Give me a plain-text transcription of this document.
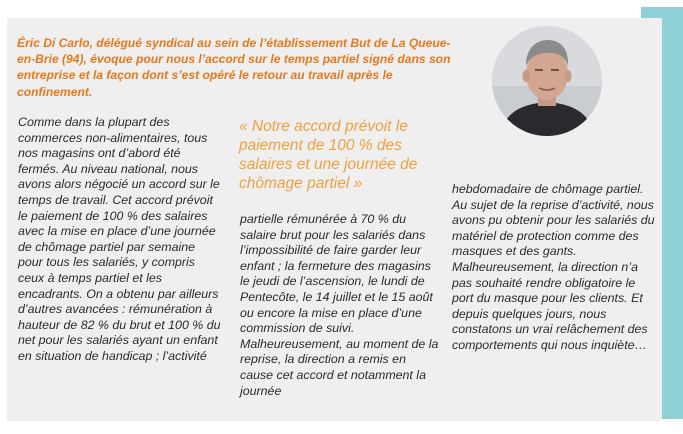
Éric Di Carlo, délégué syndical au sein de l’établissement But de La Queue-en-Brie (94), évoque pour nous l’accord sur le temps partiel signé dans son entreprise et la façon dont s’est opéré le retour au travail après le confinement.

Comme dans la plupart des commerces non-alimentaires, tous nos magasins ont d’abord été fermés. Au niveau national, nous avons alors négocié un accord sur le temps de travail. Cet accord prévoit le paiement de 100 % des salaires avec la mise en place d’une journée de chômage partiel par semaine pour tous les salariés, y compris ceux à temps partiel et les encadrants. On a obtenu par ailleurs d’autres avancées : rémunération à hauteur de 82 % du brut et 100 % du net pour les salariés ayant un enfant en situation de handicap ; l’activité

« Notre accord prévoit le paiement de 100 % des salaires et une journée de chômage partiel »

partielle rémunérée à 70 % du salaire brut pour les salariés dans l’impossibilité de faire garder leur enfant ; la fermeture des magasins le jeudi de l’ascension, le lundi de Pentecôte, le 14 juillet et le 15 août ou encore la mise en place d’une commission de suivi. Malheureusement, au moment de la reprise, la direction a remis en cause cet accord et notamment la journée

hebdomadaire de chômage partiel. Au sujet de la reprise d’activité, nous avons pu obtenir pour les salariés du matériel de protection comme des masques et des gants. Malheureusement, la direction n’a pas souhaité rendre obligatoire le port du masque pour les clients. Et depuis quelques jours, nous constatons un vrai relâchement des comportements qui nous inquiète…
